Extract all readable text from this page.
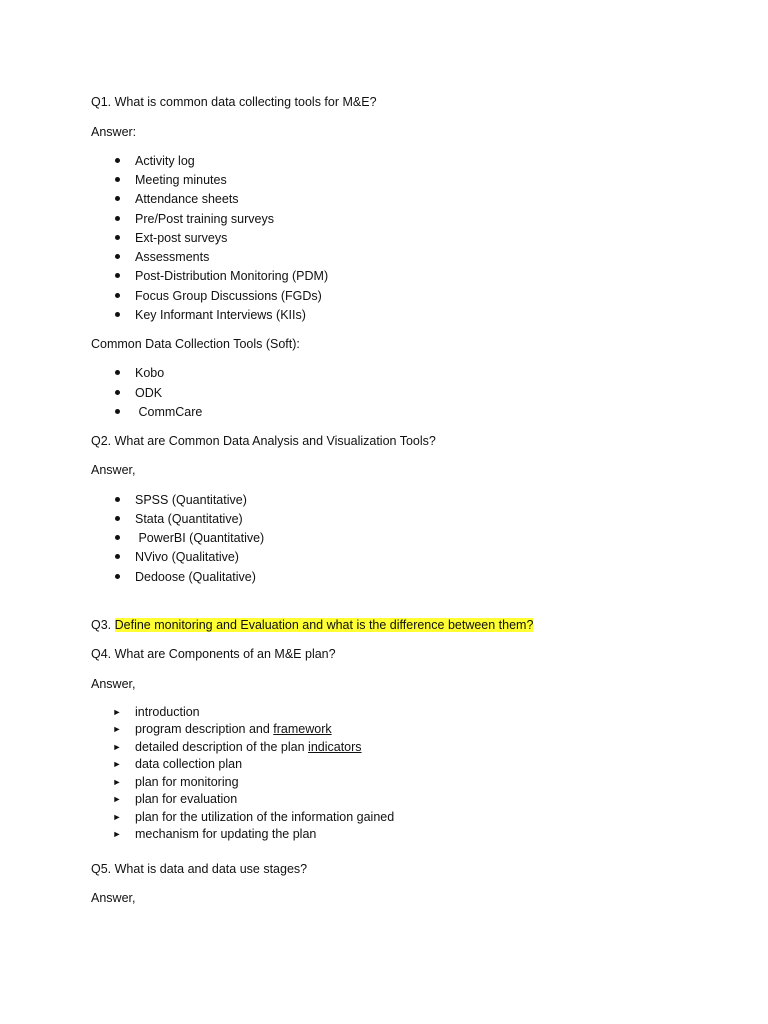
Q1. What is common data collecting tools for M&E?
Answer:
Activity log
Meeting minutes
Attendance sheets
Pre/Post training surveys
Ext-post surveys
Assessments
Post-Distribution Monitoring (PDM)
Focus Group Discussions (FGDs)
Key Informant Interviews (KIIs)
Common Data Collection Tools (Soft):
Kobo
ODK
CommCare
Q2. What are Common Data Analysis and Visualization Tools?
Answer,
SPSS (Quantitative)
Stata (Quantitative)
PowerBI (Quantitative)
NVivo (Qualitative)
Dedoose (Qualitative)
Q3. Define monitoring and Evaluation and what is the difference between them?
Q4. What are Components of an M&E plan?
Answer,
► introduction
► program description and framework
► detailed description of the plan indicators
► data collection plan
► plan for monitoring
► plan for evaluation
► plan for the utilization of the information gained
► mechanism for updating the plan
Q5. What is data and data use stages?
Answer,
